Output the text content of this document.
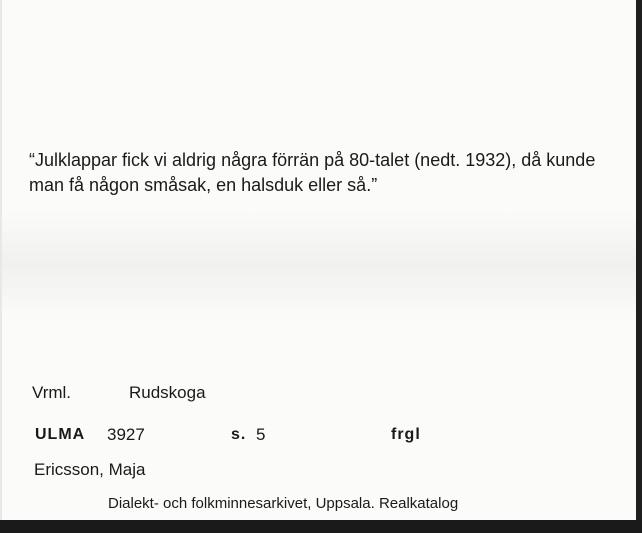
“Julklappar fick vi aldrig några förrän på 80-talet (nedt. 1932), då kunde man få någon småsak, en halsduk eller så.”
Vrml.	Rudskoga
ULMA 3927	s. 5	frgl
Ericsson, Maja
Dialekt- och folkminnesarkivet, Uppsala. Realkatalog
